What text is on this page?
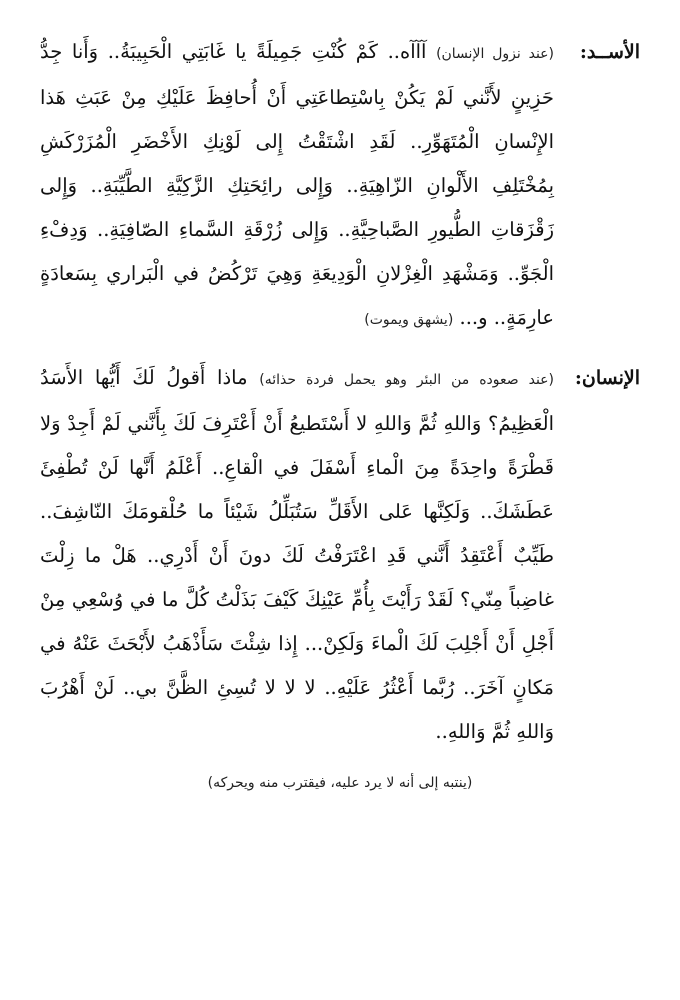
الأســد:
(عند نزول الإنسان) آآآه.. كَمْ كُنْتِ جَمِيلَةً يا غَابَتِي الْحَبِيبَةُ.. وَأَنا جِدُّ حَزِينٍ لأَنَّني لَمْ يَكُنْ بِاسْتِطاعَتِي أَنْ أُحافِظَ عَلَيْكِ مِنْ عَبَثِ هَذا الإِنْسانِ الْمُتَهَوِّرِ.. لَقَدِ اشْتَقْتُ إِلى لَوْنِكِ الأَخْضَرِ الْمُزَرْكَشِ بِمُخْتَلِفِ الأَلْوانِ الزّاهِيَةِ.. وَإِلى رائِحَتِكِ الزَّكِيَّةِ الطَّيِّبَةِ.. وَإِلى زَقْزَقاتِ الطُّيورِ الصَّباحِيَّةِ.. وَإِلى زُرْقَةِ السَّماءِ الصّافِيَةِ.. وَدِفْءِ الْجَوِّ.. وَمَشْهَدِ الْغِزْلانِ الْوَدِيعَةِ وَهِيَ تَرْكُضُ في الْبَراري بِسَعادَةٍ عارِمَةٍ.. و... (يشهق ويموت)
الإنسان:
(عند صعوده من البئر وهو يحمل فردة حذائه) ماذا أَقولُ لَكَ أَيُّها الأَسَدُ الْعَظِيمُ؟ وَاللهِ ثُمَّ وَاللهِ لا أَسْتَطيعُ أَنْ أَعْتَرِفَ لَكَ بِأَنَّني لَمْ أَجِدْ وَلا قَطْرَةً واحِدَةً مِنَ الْماءِ أَسْفَلَ في الْقاعِ.. أَعْلَمُ أَنَّها لَنْ تُطْفِئَ عَطَشَكَ.. وَلَكِنَّها عَلى الأَقَلِّ سَتُبَلِّلُ شَيْئاً ما حُلْقومَكَ النّاشِفَ.. طَيِّبٌ أَعْتَقِدُ أَنَّني قَدِ اعْتَرَفْتُ لَكَ دونَ أَنْ أَدْرِي.. هَلْ ما زِلْتَ غاضِباً مِنّي؟ لَقَدْ رَأَيْتَ بِأُمِّ عَيْنِكَ كَيْفَ بَذَلْتُ كُلَّ ما في وُسْعِي مِنْ أَجْلِ أَنْ أَجْلِبَ لَكَ الْماءَ وَلَكِنْ... إِذا شِئْتَ سَأَذْهَبُ لأَبْحَثَ عَنْهُ في مَكانٍ آخَرَ.. رُبَّما أَعْثُرُ عَلَيْهِ.. لا لا لا تُسِئِ الظَّنَّ بي.. لَنْ أَهْرُبَ وَاللهِ ثُمَّ وَاللهِ..
(ينتبه إلى أنه لا يرد عليه، فيقترب منه ويحركه)
